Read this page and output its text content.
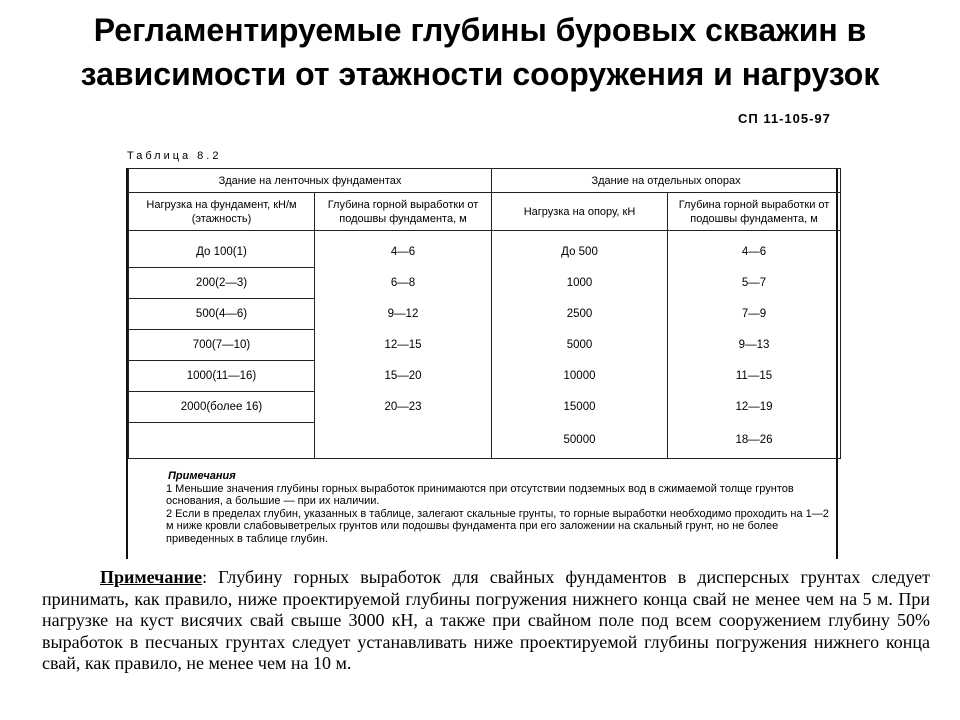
Регламентируемые глубины буровых скважин в
зависимости от этажности сооружения и нагрузок
СП 11-105-97
Таблица 8.2
Здание на ленточных фундаментах		Здание на отдельных опорах	
Нагрузка на фундамент, кН/м (этажность)	Глубина горной выработки от подошвы фундамента, м	Нагрузка на опору, кН	Глубина горной выработки от подошвы фундамента, м
До 100(1)	4—6	До 500	4—6
200(2—3)	6—8	1000	5—7
500(4—6)	9—12	2500	7—9
700(7—10)	12—15	5000	9—13
1000(11—16)	15—20	10000	11—15
2000(более 16)	20—23	15000	12—19
		50000	18—26
Примечания

1 Меньшие значения глубины горных выработок принимаются при отсутствии подземных вод в сжимаемой толще грунтов основания, а большие — при их наличии.

2 Если в пределах глубин, указанных в таблице, залегают скальные грунты, то горные выработки необходимо проходить на 1—2 м ниже кровли слабовыветрелых грунтов или подошвы фундамента при его заложении на скальный грунт, но не более приведенных в таблице глубин.

Примечание: Глубину горных выработок для свайных фундаментов в дисперсных грунтах следует принимать, как правило, ниже проектируемой глубины погружения нижнего конца свай не менее чем на 5 м. При нагрузке на куст висячих свай свыше 3000 кН, а также при свайном поле под всем сооружением глубину 50% выработок в песчаных грунтах следует устанавливать ниже проектируемой глубины погружения нижнего конца свай, как правило, не менее чем на 10 м.
